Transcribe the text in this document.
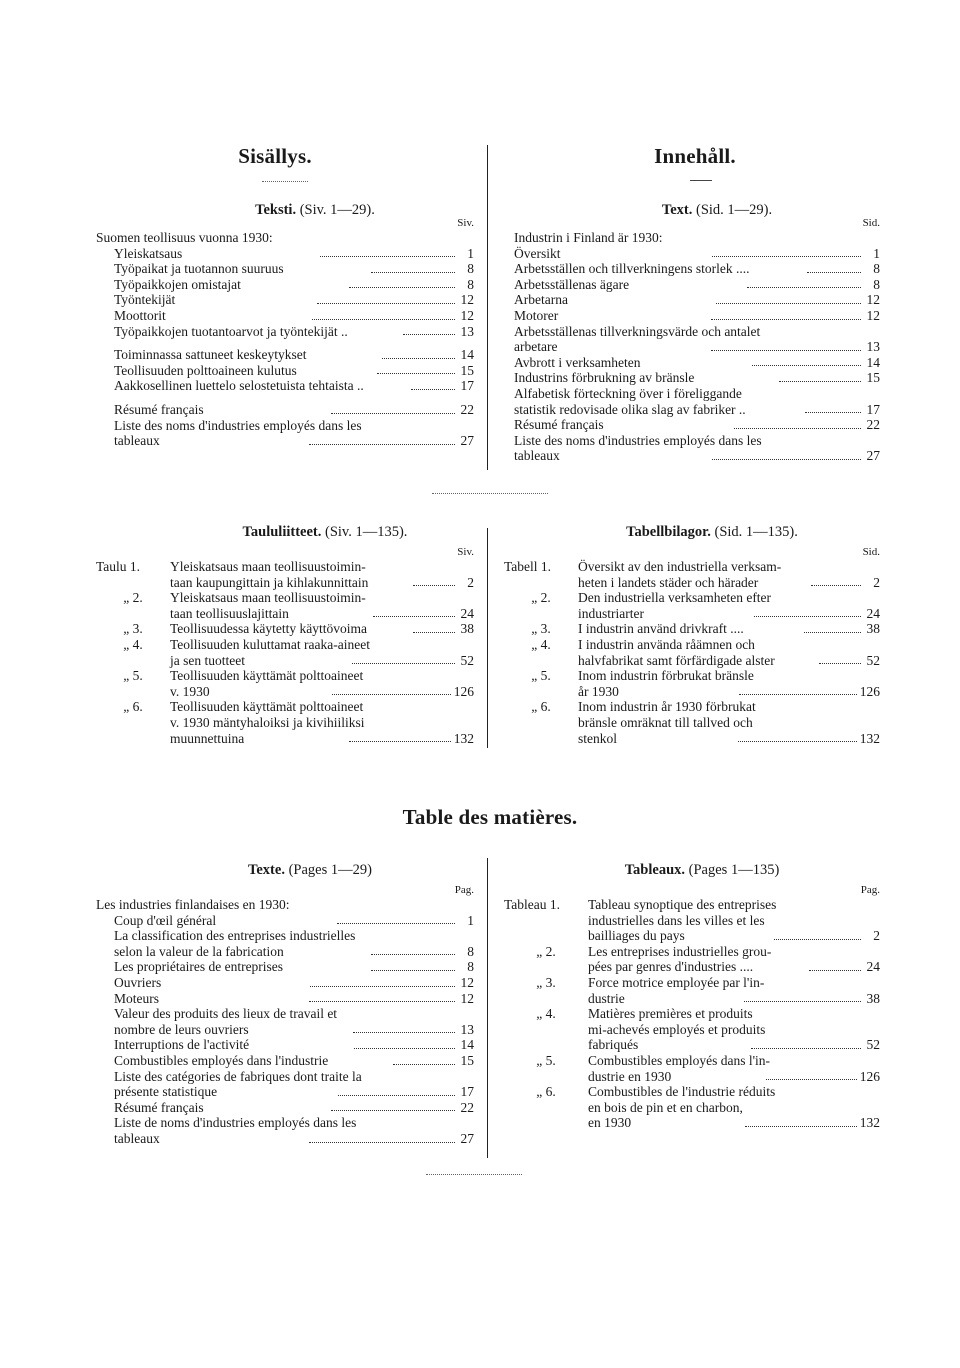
Sisällys.	Innehåll.
Teksti. (Siv. 1—29).
Siv.
Suomen teollisuus vuonna 1930:
Yleiskatsaus	1
Työpaikat ja tuotannon suuruus	8
Työpaikkojen omistajat	8
Työntekijät	12
Moottorit	12
Työpaikkojen tuotantoarvot ja työntekijät ..	13
Toiminnassa sattuneet keskeytykset	14
Teollisuuden polttoaineen kulutus	15
Aakkosellinen luettelo selostetuista tehtaista ..	17
Résumé français	22
Liste des noms d'industries employés dans les
tableaux	27
Text. (Sid. 1—29).
Sid.
Industrin i Finland är 1930:
Översikt	1
Arbetsställen och tillverkningens storlek ....	8
Arbetsställenas ägare	8
Arbetarna	12
Motorer	12
Arbetsställenas tillverkningsvärde och antalet
arbetare	13
Avbrott i verksamheten	14
Industrins förbrukning av bränsle	15
Alfabetisk förteckning över i föreliggande
statistik redovisade olika slag av fabriker ..	17
Résumé français	22
Liste des noms d'industries employés dans les
tableaux	27
Taululiitteet. (Siv. 1—135).
Siv.
Taulu 1.	Yleiskatsaus maan teollisuustoimin-
taan kaupungittain ja kihlakunnittain	2
„ 2.	Yleiskatsaus maan teollisuustoimin-
taan teollisuuslajittain	24
„ 3.	Teollisuudessa käytetty käyttövoima	38
„ 4.	Teollisuuden kuluttamat raaka-aineet
ja sen tuotteet	52
„ 5.	Teollisuuden käyttämät polttoaineet
v. 1930	126
„ 6.	Teollisuuden käyttämät polttoaineet
v. 1930 mäntyhaloiksi ja kivihiiliksi
muunnettuina	132
Tabellbilagor. (Sid. 1—135).
Sid.
Tabell 1.	Översikt av den industriella verksam-
heten i landets städer och härader	2
„ 2.	Den industriella verksamheten efter
industriarter	24
„ 3.	I industrin använd drivkraft ....	38
„ 4.	I industrin använda råämnen och
halvfabrikat samt förfärdigade alster	52
„ 5.	Inom industrin förbrukat bränsle
år 1930	126
„ 6.	Inom industrin år 1930 förbrukat
bränsle omräknat till tallved och
stenkol	132
Table des matières.
Texte. (Pages 1—29)
Pag.
Les industries finlandaises en 1930:
Coup d'œil général	1
La classification des entreprises industrielles
selon la valeur de la fabrication	8
Les propriétaires de entreprises	8
Ouvriers	12
Moteurs	12
Valeur des produits des lieux de travail et
nombre de leurs ouvriers	13
Interruptions de l'activité	14
Combustibles employés dans l'industrie	15
Liste des catégories de fabriques dont traite la
présente statistique	17
Résumé français	22
Liste de noms d'industries employés dans les
tableaux	27
Tableaux. (Pages 1—135)
Pag.
Tableau 1.	Tableau synoptique des entreprises
industrielles dans les villes et les
bailliages du pays	2
„ 2.	Les entreprises industrielles grou-
pées par genres d'industries ....	24
„ 3.	Force motrice employée par l'in-
dustrie	38
„ 4.	Matières premières et produits
mi-achevés employés et produits
fabriqués	52
„ 5.	Combustibles employés dans l'in-
dustrie en 1930	126
„ 6.	Combustibles de l'industrie réduits
en bois de pin et en charbon,
en 1930	132
